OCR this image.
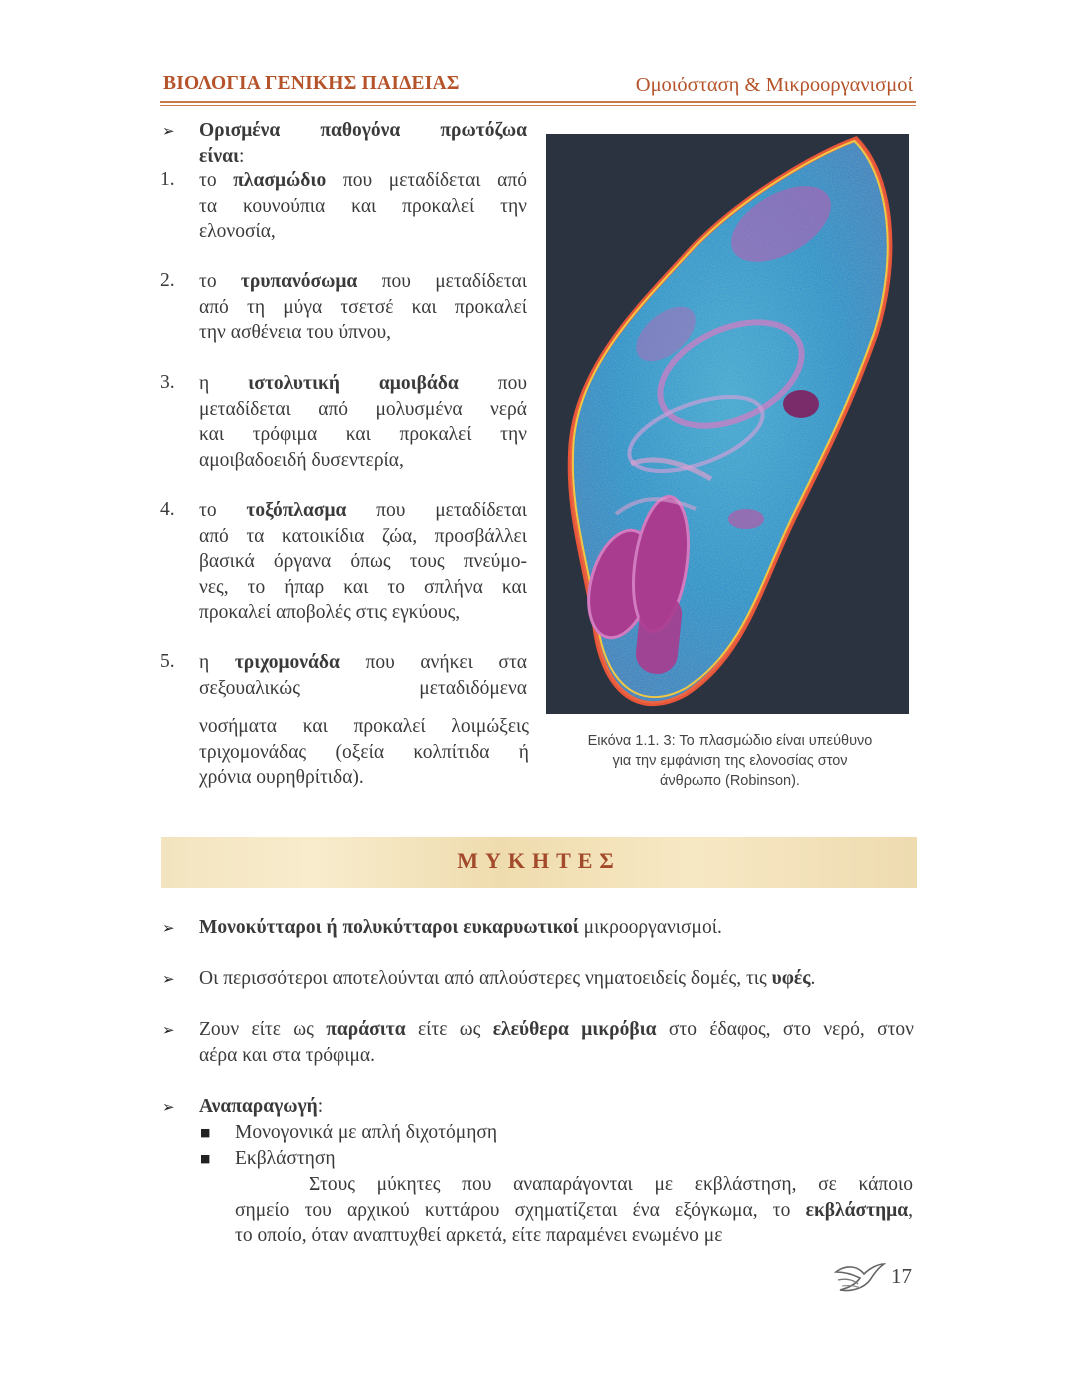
ΒΙΟΛΟΓΙΑ ΓΕΝΙΚΗΣ ΠΑΙΔΕΙΑΣ	Ομοιόσταση & Μικροοργανισμοί
➢ Ορισμένα παθογόνα πρωτόζωα
είναι:
1. το πλασμώδιο που μεταδίδεται από
τα κουνούπια και προκαλεί την
ελονοσία,
2. το τρυπανόσωμα που μεταδίδεται
από τη μύγα τσετσέ και προκαλεί
την ασθένεια του ύπνου,
3. η ιστολυτική αμοιβάδα που
μεταδίδεται από μολυσμένα νερά
και τρόφιμα και προκαλεί την
αμοιβαδοειδή δυσεντερία,
4. το τοξόπλασμα που μεταδίδεται
από τα κατοικίδια ζώα, προσβάλλει
βασικά όργανα όπως τους πνεύμο-
νες, το ήπαρ και το σπλήνα και
προκαλεί αποβολές στις εγκύους,
5. η τριχομονάδα που ανήκει στα
σεξουαλικώς μεταδιδόμενα
νοσήματα και προκαλεί λοιμώξεις
τριχομονάδας (οξεία κολπίτιδα ή
χρόνια ουρηθρίτιδα).
Εικόνα 1.1. 3: Το πλασμώδιο είναι υπεύθυνο
για την εμφάνιση της ελονοσίας στον
άνθρωπο (Robinson).
ΜΥΚΗΤΕΣ
➢ Μονοκύτταροι ή πολυκύτταροι ευκαρυωτικοί μικροοργανισμοί.
➢ Οι περισσότεροι αποτελούνται από απλούστερες νηματοειδείς δομές, τις υφές.
➢ Ζουν είτε ως παράσιτα είτε ως ελεύθερα μικρόβια στο έδαφος, στο νερό, στον
αέρα και στα τρόφιμα.
➢ Αναπαραγωγή:
■ Μονογονικά με απλή διχοτόμηση
■ Εκβλάστηση
Στους μύκητες που αναπαράγονται με εκβλάστηση, σε κάποιο
σημείο του αρχικού κυττάρου σχηματίζεται ένα εξόγκωμα, το εκβλάστημα,
το οποίο, όταν αναπτυχθεί αρκετά, είτε παραμένει ενωμένο με
17
